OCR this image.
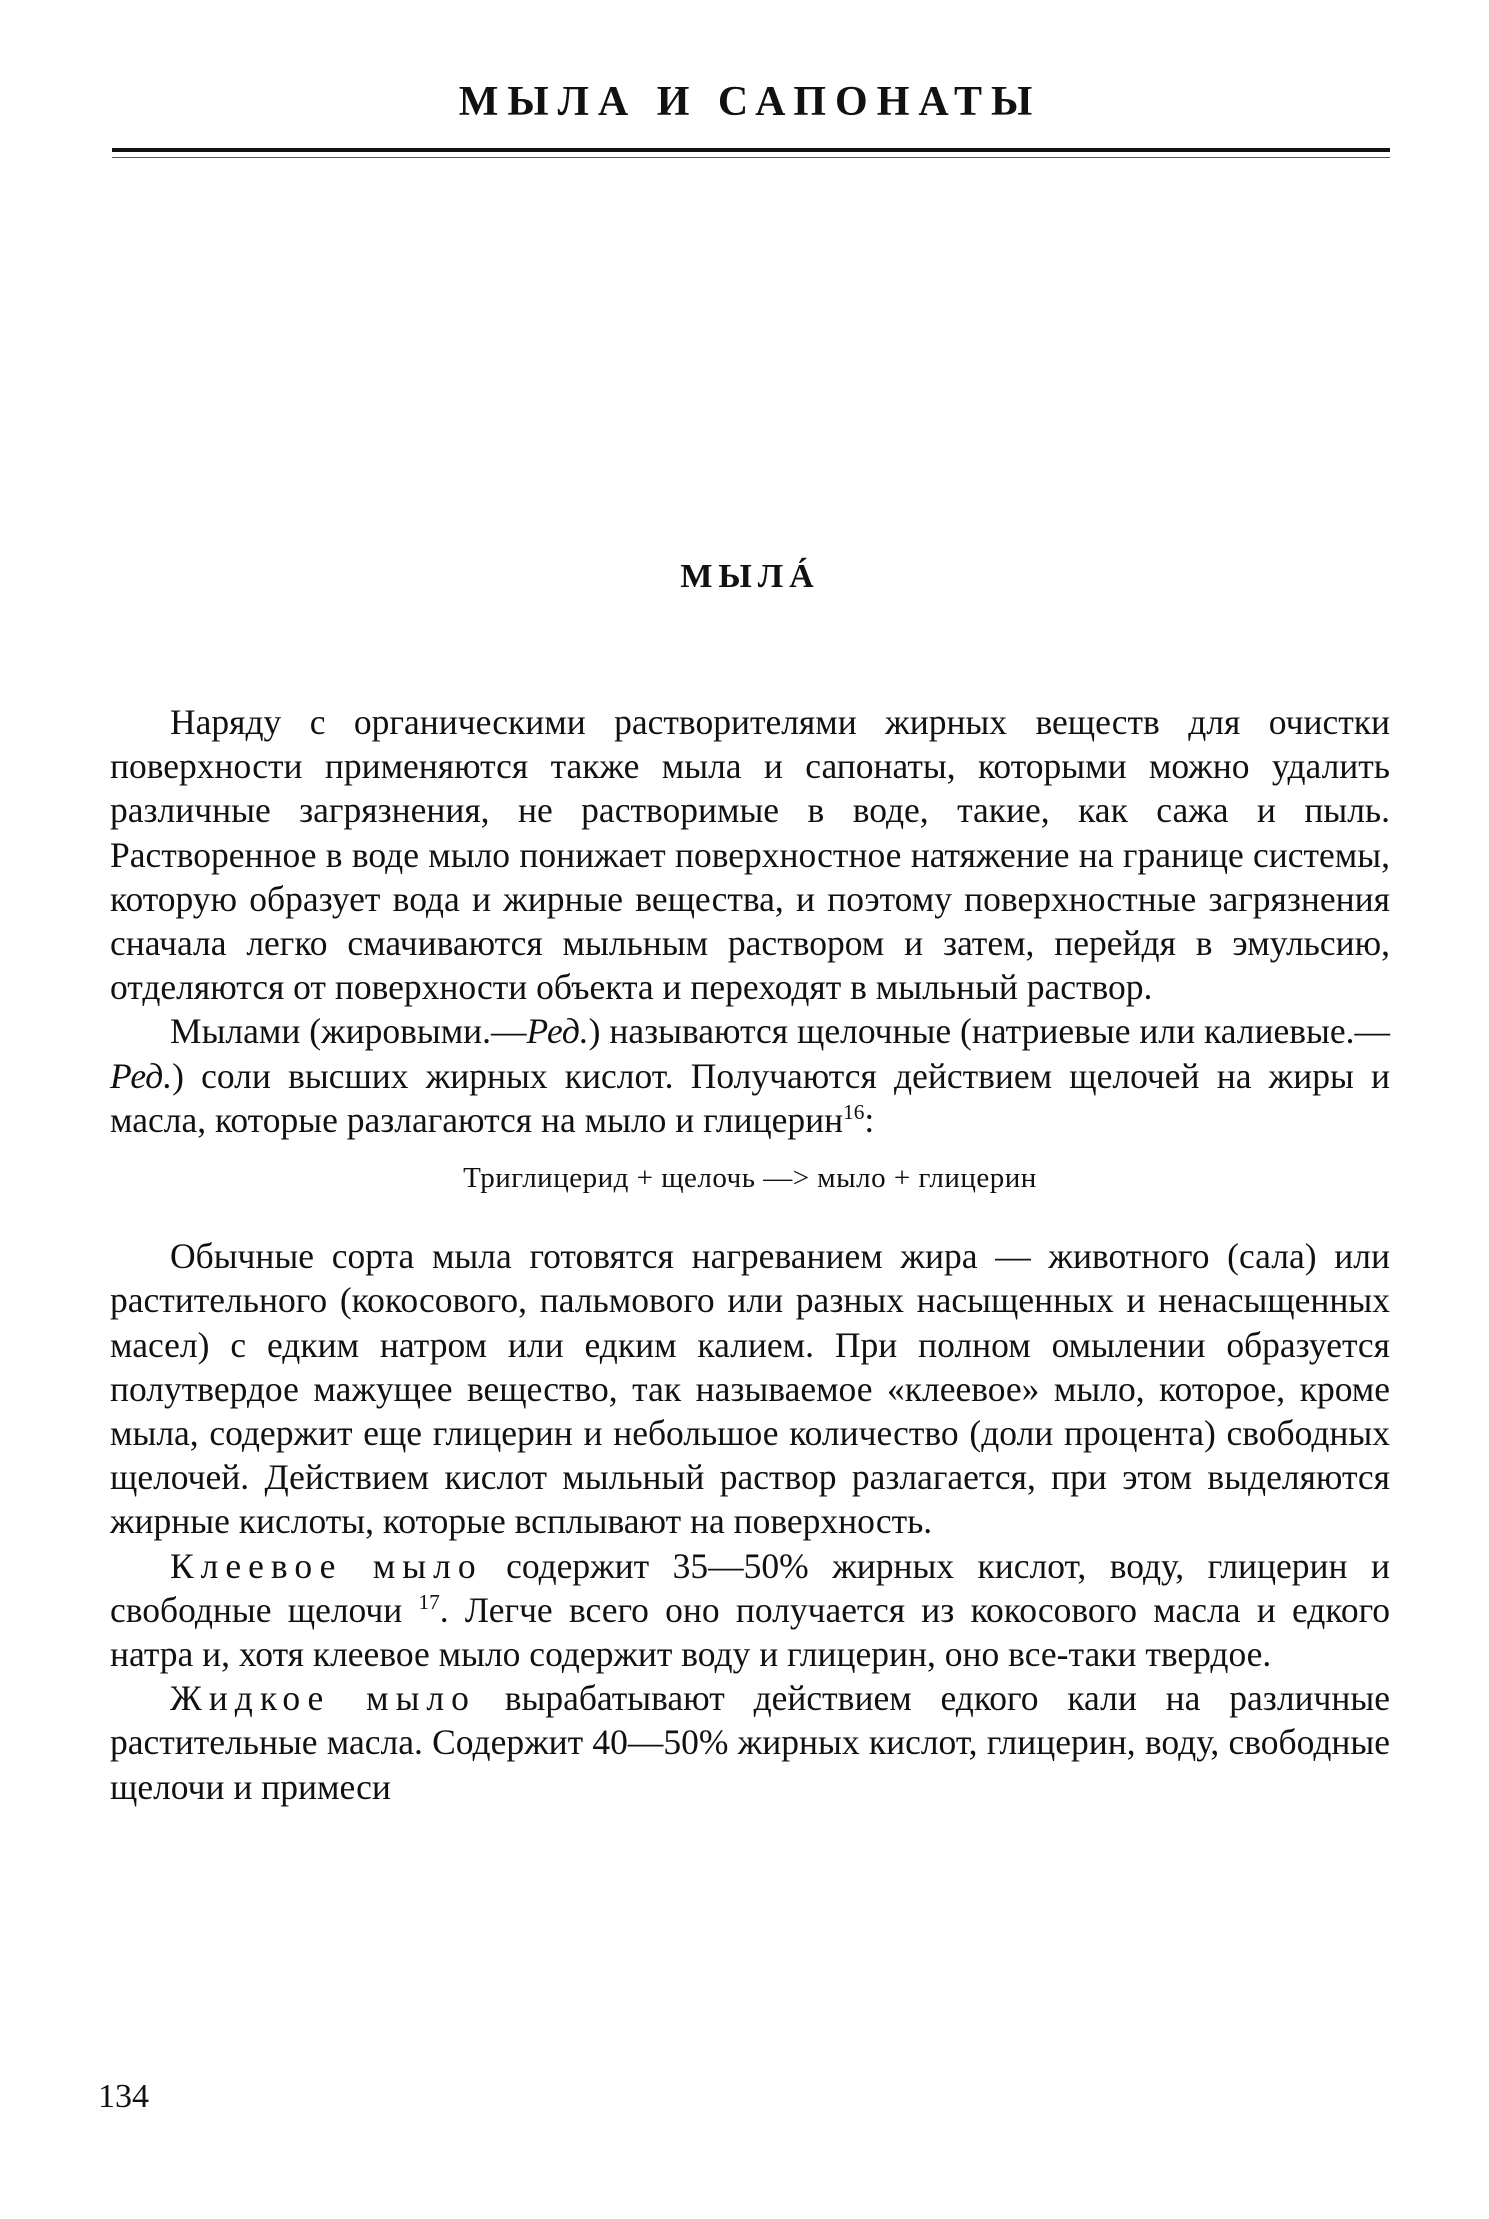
МЫЛА И САПОНАТЫ
МЫЛÁ

Наряду с органическими растворителями жирных веществ для очистки поверхности применяются также мыла и сапонаты, которыми можно удалить различные загрязнения, не растворимые в воде, такие, как сажа и пыль. Растворенное в воде мыло понижает поверхностное натяжение на границе системы, которую образует вода и жирные вещества, и поэтому поверхностные загрязнения сначала легко смачиваются мыльным раствором и затем, перейдя в эмульсию, отделяются от поверхности объекта и переходят в мыльный раствор.

Мылами (жировыми.—Ред.) называются щелочные (натриевые или калиевые.— Ред.) соли высших жирных кислот. Получаются действием щелочей на жиры и масла, которые разлагаются на мыло и глицерин$^{16}$:

Триглицерид + щелочь —> мыло + глицерин

Обычные сорта мыла готовятся нагреванием жира — животного (сала) или растительного (кокосового, пальмового или разных насыщенных и ненасыщенных масел) с едким натром или едким калием. При полном омылении образуется полутвердое мажущее вещество, так называемое «клеевое» мыло, которое, кроме мыла, содержит еще глицерин и небольшое количество (доли процента) свободных щелочей. Действием кислот мыльный раствор разлагается, при этом выделяются жирные кислоты, которые всплывают на поверхность.

Клеевое мыло содержит 35—50% жирных кислот, воду, глицерин и свободные щелочи $^{17}$. Легче всего оно получается из кокосового масла и едкого натра и, хотя клеевое мыло содержит воду и глицерин, оно все-таки твердое.

Жидкое мыло вырабатывают действием едкого кали на различные растительные масла. Содержит 40—50% жирных кислот, глицерин, воду, свободные щелочи и примеси

134
